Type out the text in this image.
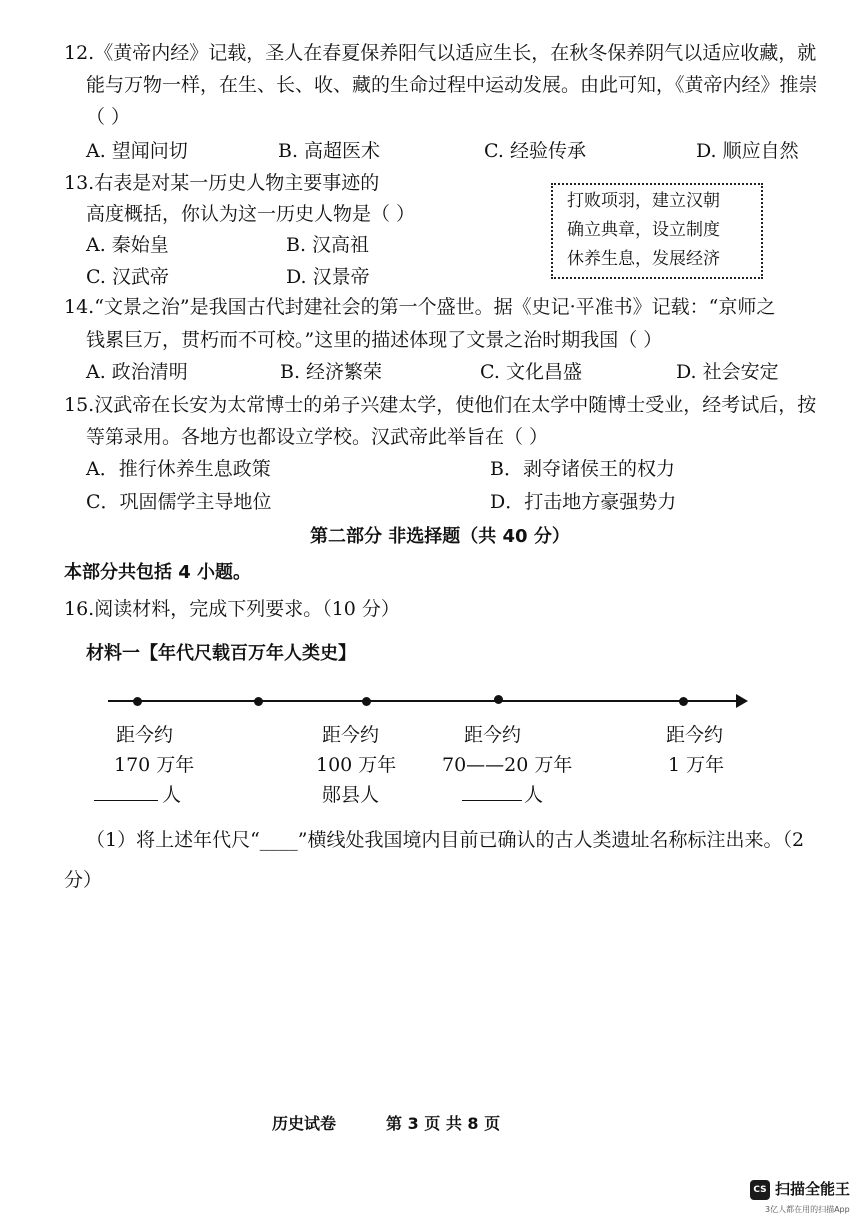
12.《黄帝内经》记载，圣人在春夏保养阳气以适应生长，在秋冬保养阴气以适应收藏，就
能与万物一样，在生、长、收、藏的生命过程中运动发展。由此可知，《黄帝内经》推崇
（ ）
A. 望闻问切	B. 高超医术	C. 经验传承	D. 顺应自然
13.右表是对某一历史人物主要事迹的
高度概括，你认为这一历史人物是（ ）
A. 秦始皇	B. 汉高祖
C. 汉武帝	D. 汉景帝
打败项羽，建立汉朝
确立典章，设立制度
休养生息，发展经济
14.“文景之治”是我国古代封建社会的第一个盛世。据《史记·平准书》记载：“京师之
钱累巨万，贯朽而不可校。”这里的描述体现了文景之治时期我国（ ）
A. 政治清明	B. 经济繁荣	C. 文化昌盛	D. 社会安定
15.汉武帝在长安为太常博士的弟子兴建太学，使他们在太学中随博士受业，经考试后，按
等第录用。各地方也都设立学校。汉武帝此举旨在（ ）
A．推行休养生息政策	B．剥夺诸侯王的权力
C．巩固儒学主导地位	D．打击地方豪强势力
第二部分 非选择题（共 40 分）
本部分共包括 4 小题。
16.阅读材料，完成下列要求。（10 分）
材料一【年代尺载百万年人类史】
距今约
170 万年
人
距今约
100 万年
郧县人
距今约
70——20 万年
人
距今约
1 万年
（1）将上述年代尺“____”横线处我国境内目前已确认的古人类遗址名称标注出来。（2
分）
历史试卷	第 3 页 共 8 页
CS 扫描全能王
3亿人都在用的扫描App
